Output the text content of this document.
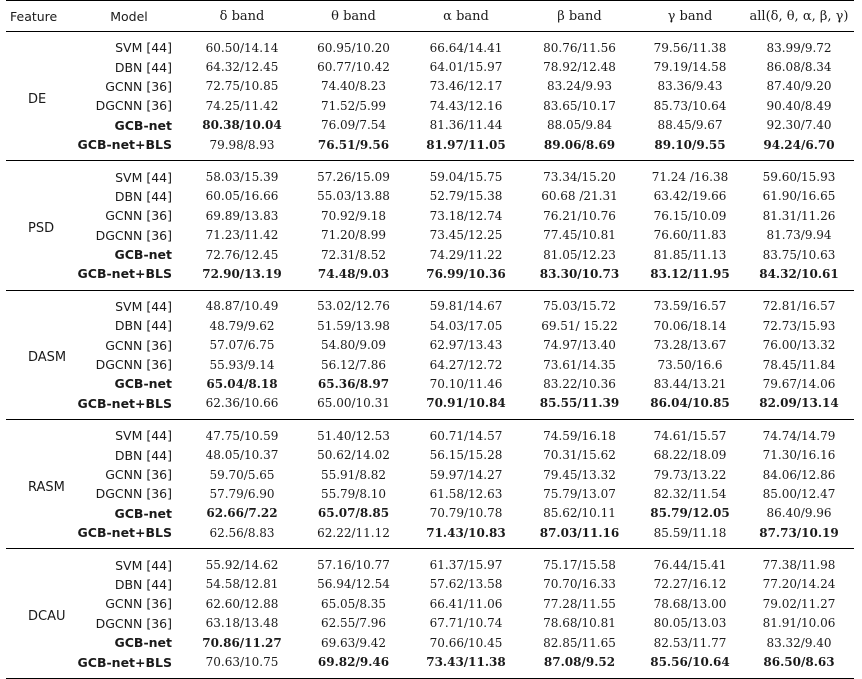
Feature	Model	δ band	θ band	α band	β band	γ band	all(δ, θ, α, β, γ)
DE	SVM [44]	60.50/14.14	60.95/10.20	66.64/14.41	80.76/11.56	79.56/11.38	83.99/9.72
	DBN [44]	64.32/12.45	60.77/10.42	64.01/15.97	78.92/12.48	79.19/14.58	86.08/8.34
	GCNN [36]	72.75/10.85	74.40/8.23	73.46/12.17	83.24/9.93	83.36/9.43	87.40/9.20
	DGCNN [36]	74.25/11.42	71.52/5.99	74.43/12.16	83.65/10.17	85.73/10.64	90.40/8.49
	GCB-net	80.38/10.04	76.09/7.54	81.36/11.44	88.05/9.84	88.45/9.67	92.30/7.40
	GCB-net+BLS	79.98/8.93	76.51/9.56	81.97/11.05	89.06/8.69	89.10/9.55	94.24/6.70
PSD	SVM [44]	58.03/15.39	57.26/15.09	59.04/15.75	73.34/15.20	71.24 /16.38	59.60/15.93
	DBN [44]	60.05/16.66	55.03/13.88	52.79/15.38	60.68 /21.31	63.42/19.66	61.90/16.65
	GCNN [36]	69.89/13.83	70.92/9.18	73.18/12.74	76.21/10.76	76.15/10.09	81.31/11.26
	DGCNN [36]	71.23/11.42	71.20/8.99	73.45/12.25	77.45/10.81	76.60/11.83	81.73/9.94
	GCB-net	72.76/12.45	72.31/8.52	74.29/11.22	81.05/12.23	81.85/11.13	83.75/10.63
	GCB-net+BLS	72.90/13.19	74.48/9.03	76.99/10.36	83.30/10.73	83.12/11.95	84.32/10.61
DASM	SVM [44]	48.87/10.49	53.02/12.76	59.81/14.67	75.03/15.72	73.59/16.57	72.81/16.57
	DBN [44]	48.79/9.62	51.59/13.98	54.03/17.05	69.51/ 15.22	70.06/18.14	72.73/15.93
	GCNN [36]	57.07/6.75	54.80/9.09	62.97/13.43	74.97/13.40	73.28/13.67	76.00/13.32
	DGCNN [36]	55.93/9.14	56.12/7.86	64.27/12.72	73.61/14.35	73.50/16.6	78.45/11.84
	GCB-net	65.04/8.18	65.36/8.97	70.10/11.46	83.22/10.36	83.44/13.21	79.67/14.06
	GCB-net+BLS	62.36/10.66	65.00/10.31	70.91/10.84	85.55/11.39	86.04/10.85	82.09/13.14
RASM	SVM [44]	47.75/10.59	51.40/12.53	60.71/14.57	74.59/16.18	74.61/15.57	74.74/14.79
	DBN [44]	48.05/10.37	50.62/14.02	56.15/15.28	70.31/15.62	68.22/18.09	71.30/16.16
	GCNN [36]	59.70/5.65	55.91/8.82	59.97/14.27	79.45/13.32	79.73/13.22	84.06/12.86
	DGCNN [36]	57.79/6.90	55.79/8.10	61.58/12.63	75.79/13.07	82.32/11.54	85.00/12.47
	GCB-net	62.66/7.22	65.07/8.85	70.79/10.78	85.62/10.11	85.79/12.05	86.40/9.96
	GCB-net+BLS	62.56/8.83	62.22/11.12	71.43/10.83	87.03/11.16	85.59/11.18	87.73/10.19
DCAU	SVM [44]	55.92/14.62	57.16/10.77	61.37/15.97	75.17/15.58	76.44/15.41	77.38/11.98
	DBN [44]	54.58/12.81	56.94/12.54	57.62/13.58	70.70/16.33	72.27/16.12	77.20/14.24
	GCNN [36]	62.60/12.88	65.05/8.35	66.41/11.06	77.28/11.55	78.68/13.00	79.02/11.27
	DGCNN [36]	63.18/13.48	62.55/7.96	67.71/10.74	78.68/10.81	80.05/13.03	81.91/10.06
	GCB-net	70.86/11.27	69.63/9.42	70.66/10.45	82.85/11.65	82.53/11.77	83.32/9.40
	GCB-net+BLS	70.63/10.75	69.82/9.46	73.43/11.38	87.08/9.52	85.56/10.64	86.50/8.63
